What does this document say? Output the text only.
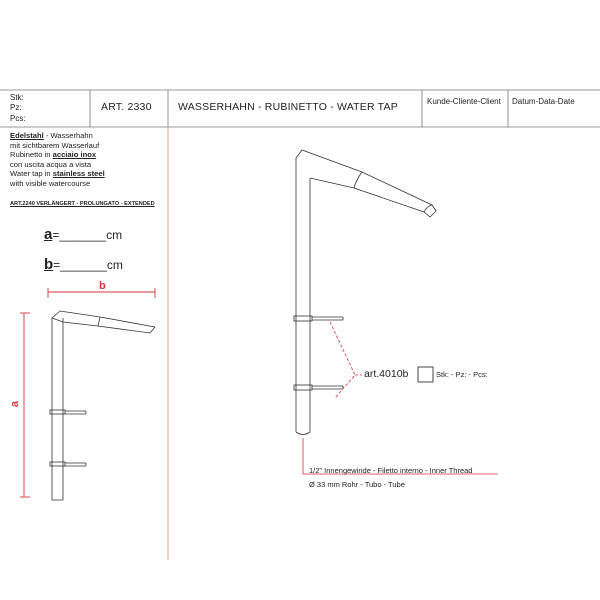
Stk:
Pz:
Pcs:
ART. 2330	WASSERHAHN - RUBINETTO - WATER TAP	Kunde-Cliente-Client Datum-Data-Date
Edelstahl - Wasserhahn
mit sichtbarem Wasserlauf
Rubinetto in acciaio inox
con uscita acqua a vista
Water tap in stainless steel
with visible watercourse
ART.2240 VERLÄNGERT - PROLUNGATO - EXTENDED
a=_______cm
b=_______cm
b
a
art.4010b	Stk: - Pz: - Pcs:
1/2" Innengewinde - Filetto interno - Inner Thread
Ø 33 mm Rohr - Tubo - Tube
